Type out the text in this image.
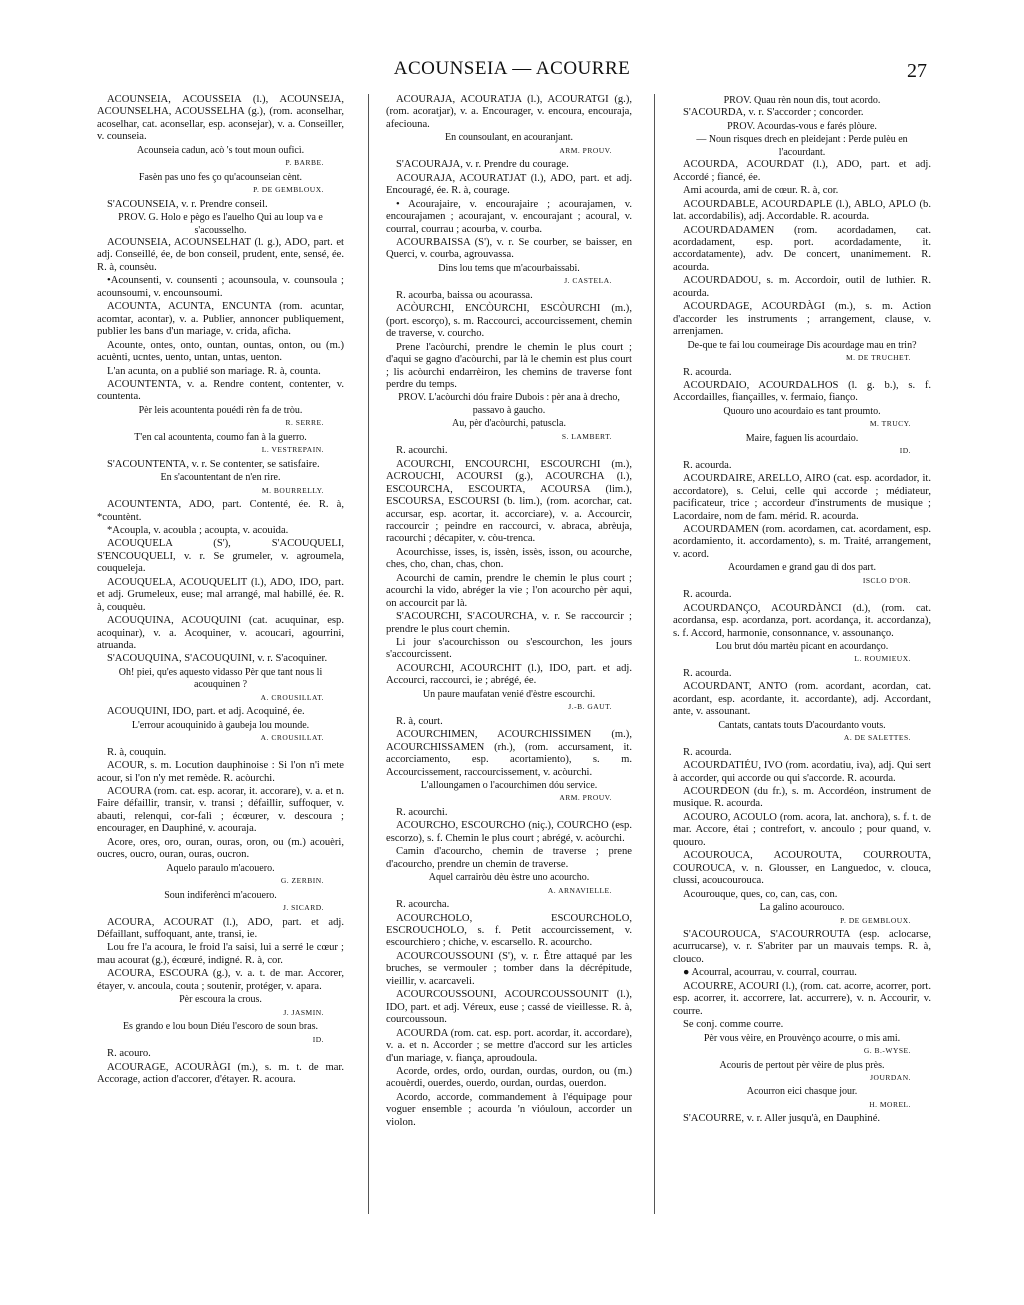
ACOUNSEIA — ACOURRE	27

ACOUNSEIA, ACOUSSEIA (l.), ACOUNSEJA, ACOUNSELHA, ACOUSSELHA (g.), (rom. aconselhar, acoselhar, cat. aconsellar, esp. aconsejar), v. a. Conseiller, v. counseia.

Acounseia cadun, acò 's tout moun ouficì.

P. BARBE.

Fasèn pas uno fes ço qu'acounseian cènt.

P. DE GEMBLOUX.

S'ACOUNSEIA, v. r. Prendre conseil.

PROV. G. Holo e pègo es l'auelho Qui au loup va e s'acousselho.

ACOUNSEIA, ACOUNSELHAT (l. g.), ADO, part. et adj. Conseillé, ée, de bon conseil, prudent, ente, sensé, ée. R. à, counsèu.

•Acounsenti, v. counsenti ; acounsoula, v. counsoula ; acounsoumi, v. encounsoumi.

ACOUNTA, ACUNTA, ENCUNTA (rom. acuntar, acomtar, acontar), v. a. Publier, annoncer publiquement, publier les bans d'un mariage, v. crida, aficha.

Acounte, ontes, onto, ountan, ountas, onton, ou (m.) acuènti, ucntes, uento, untan, untas, uenton.

L'an acunta, on a publié son mariage. R. à, counta.

ACOUNTENTA, v. a. Rendre content, contenter, v. countenta.

Pèr leis acountenta pouédi rèn fa de tròu.

R. SERRE.

T'en cal acountenta, coumo fan à la guerro.

L. VESTREPAIN.

S'ACOUNTENTA, v. r. Se contenter, se satisfaire.

En s'acountentant de n'en rire.

M. BOURRELLY.

ACOUNTENTA, ADO, part. Contenté, ée. R. à, *countènt.

*Acoupla, v. acoubla ; acoupta, v. acouida.

ACOUQUELA (S'), S'ACOUQUELI, S'ENCOUQUELI, v. r. Se grumeler, v. agroumela, couqueleja.

ACOUQUELA, ACOUQUELIT (l.), ADO, IDO, part. et adj. Grumeleux, euse; mal arrangé, mal habillé, ée. R. à, couquèu.

ACOUQUINA, ACOUQUINI (cat. acuquinar, esp. acoquinar), v. a. Acoquiner, v. acoucari, agourrini, atruanda.

S'ACOUQUINA, S'ACOUQUINI, v. r. S'acoquiner.

Oh! piei, qu'es aquesto vidasso Pèr que tant nous li acouquinen ?

A. CROUSILLAT.

ACOUQUINI, IDO, part. et adj. Acoquiné, ée.

L'errour acouquinido à gaubeja lou mounde.

A. CROUSILLAT.

R. à, couquin.

ACOUR, s. m. Locution dauphinoise : Si l'on n'i mete acour, si l'on n'y met remède. R. acòurchi.

ACOURA (rom. cat. esp. acorar, it. accorare), v. a. et n. Faire défaillir, transir, v. transi ; défaillir, suffoquer, v. abauti, relenqui, cor-falì ; écœurer, v. descoura ; encourager, en Dauphiné, v. acouraja.

Acore, ores, oro, ouran, ouras, oron, ou (m.) acouèri, oucres, oucro, ouran, ouras, oucron.

Aquelo paraulo m'acouero.

G. ZERBIN.

Soun indiferènci m'acouero.

J. SICARD.

ACOURA, ACOURAT (l.), ADO, part. et adj. Défaillant, suffoquant, ante, transi, ie.

Lou fre l'a acoura, le froid l'a saisi, lui a serré le cœur ; mau acourat (g.), écœuré, indigné. R. à, cor.

ACOURA, ESCOURA (g.), v. a. t. de mar. Accorer, étayer, v. ancoula, couta ; soutenir, protéger, v. apara.

Pèr escoura la crous.

J. JASMIN.

Es grando e lou boun Diéu l'escoro de soun bras.

ID.

R. acouro.

ACOURAGE, ACOURÀGI (m.), s. m. t. de mar. Accorage, action d'accorer, d'étayer. R. acoura.

ACOURAJA, ACOURATJA (l.), ACOURATGI (g.), (rom. acoratjar), v. a. Encourager, v. encoura, encouraja, afeciouna.

En counsoulant, en acouranjant.

ARM. PROUV.

S'ACOURAJA, v. r. Prendre du courage.

ACOURAJA, ACOURATJAT (l.), ADO, part. et adj. Encouragé, ée. R. à, courage.

• Acourajaire, v. encourajaire ; acourajamen, v. encourajamen ; acourajant, v. encourajant ; acoural, v. courral, courrau ; acourba, v. courba.

ACOURBAISSA (S'), v. r. Se courber, se baisser, en Querci, v. courba, agrouvassa.

Dins lou tems que m'acourbaissabi.

J. CASTELA.

R. acourba, baissa ou acourassa.

ACÒURCHI, ENCÒURCHI, ESCÒURCHI (m.), (port. escorço), s. m. Raccourci, accourcissement, chemin de traverse, v. courcho.

Prene l'acòurchi, prendre le chemin le plus court ; d'aqui se gagno d'acòurchi, par là le chemin est plus court ; lis acòurchi endarrèiron, les chemins de traverse font perdre du temps.

PROV. L'acòurchi dóu fraire Dubois : pèr ana à drecho, passavo à gaucho.

Au, pèr d'acòurchi, patuscla.

S. LAMBERT.

R. acourchi.

ACOURCHI, ENCOURCHI, ESCOURCHI (m.), ACROUCHI, ACOURSI (g.), ACOURCHA (l.), ESCOURCHA, ESCOURTA, ACOURSA (lim.), ESCOURSA, ESCOURSI (b. lim.), (rom. acorchar, cat. accursar, esp. acortar, it. accorciare), v. a. Accourcir, raccourcir ; peindre en raccourci, v. abraca, abrèuja, racourchi ; décapiter, v. còu-trenca.

Acourchisse, isses, is, issèn, issès, isson, ou acourche, ches, cho, chan, chas, chon.

Acourchi de camin, prendre le chemin le plus court ; acourchi la vido, abréger la vie ; l'on acourcho pèr aqui, on accourcit par là.

S'ACOURCHI, S'ACOURCHA, v. r. Se raccourcir ; prendre le plus court chemin.

Li jour s'acourchisson ou s'escourchon, les jours s'accourcissent.

ACOURCHI, ACOURCHIT (l.), IDO, part. et adj. Accourci, raccourci, ie ; abrégé, ée.

Un paure maufatan venié d'èstre escourchi.

J.-B. GAUT.

R. à, court.

ACOURCHIMEN, ACOURCHISSIMEN (m.), ACOURCHISSAMEN (rh.), (rom. accursament, it. accorciamento, esp. acortamiento), s. m. Accourcissement, raccourcissement, v. acòurchi.

L'alloungamen o l'acourchimen dóu service.

ARM. PROUV.

R. acourchi.

ACOURCHO, ESCOURCHO (niç.), COURCHO (esp. escorzo), s. f. Chemin le plus court ; abrégé, v. acòurchi.

Camin d'acourcho, chemin de traverse ; prene d'acourcho, prendre un chemin de traverse.

Aquel carrairòu dèu èstre uno acourcho.

A. ARNAVIELLE.

R. acourcha.

ACOURCHOLO, ESCOURCHOLO, ESCROUCHOLO, s. f. Petit accourcissement, v. escourchiero ; chiche, v. escarsello. R. acourcho.

ACOURCOUSSOUNI (S'), v. r. Être attaqué par les bruches, se vermouler ; tomber dans la décrépitude, vieillir, v. acarcaveli.

ACOURCOUSSOUNI, ACOURCOUSSOUNIT (l.), IDO, part. et adj. Véreux, euse ; cassé de vieillesse. R. à, courcoussoun.

ACOURDA (rom. cat. esp. port. acordar, it. accordare), v. a. et n. Accorder ; se mettre d'accord sur les articles d'un mariage, v. fiança, aproudoula.

Acorde, ordes, ordo, ourdan, ourdas, ourdon, ou (m.) acouèrdi, ouerdes, ouerdo, ourdan, ourdas, ouerdon.

Acordo, accorde, commandement à l'équipage pour voguer ensemble ; acourda 'n vióuloun, accorder un violon.

PROV. Quau rèn noun dis, tout acordo.

S'ACOURDA, v. r. S'accorder ; concorder.

PROV. Acourdas-vous e farés plòure.

— Noun risques drech en pleidejant : Perde pulèu en l'acourdant.

ACOURDA, ACOURDAT (l.), ADO, part. et adj. Accordé ; fiancé, ée.

Ami acourda, ami de cœur. R. à, cor.

ACOURDABLE, ACOURDAPLE (l.), ABLO, APLO (b. lat. accordabilis), adj. Accordable. R. acourda.

ACOURDADAMEN (rom. acordadamen, cat. acordadament, esp. port. acordadamente, it. accordatamente), adv. De concert, unanimement. R. acourda.

ACOURDADOU, s. m. Accordoir, outil de luthier. R. acourda.

ACOURDAGE, ACOURDÀGI (m.), s. m. Action d'accorder les instruments ; arrangement, clause, v. arrenjamen.

De-que te fai lou coumeirage Dis acourdage mau en trin?

M. DE TRUCHET.

R. acourda.

ACOURDAIO, ACOURDALHOS (l. g. b.), s. f. Accordailles, fiançailles, v. fermaio, fianço.

Quouro uno acourdaio es tant proumto.

M. TRUCY.

Maire, faguen lis acourdaio.

ID.

R. acourda.

ACOURDAIRE, ARELLO, AIRO (cat. esp. acordador, it. accordatore), s. Celui, celle qui accorde ; médiateur, pacificateur, trice ; accordeur d'instruments de musique ; Lacordaire, nom de fam. mérid. R. acourda.

ACOURDAMEN (rom. acordamen, cat. acordament, esp. acordamiento, it. accordamento), s. m. Traité, arrangement, v. acord.

Acourdamen e grand gau di dos part.

ISCLO D'OR.

R. acourda.

ACOURDANÇO, ACOURDÀNCI (d.), (rom. cat. acordansa, esp. acordanza, port. acordança, it. accordanza), s. f. Accord, harmonie, consonnance, v. assounanço.

Lou brut dóu martèu picant en acourdanço.

L. ROUMIEUX.

R. acourda.

ACOURDANT, ANTO (rom. acordant, acordan, cat. acordant, esp. acordante, it. accordante), adj. Accordant, ante, v. assounant.

Cantats, cantats touts D'acourdanto vouts.

A. DE SALETTES.

R. acourda.

ACOURDATIÉU, IVO (rom. acordatiu, iva), adj. Qui sert à accorder, qui accorde ou qui s'accorde. R. acourda.

ACOURDEON (du fr.), s. m. Accordéon, instrument de musique. R. acourda.

ACOURO, ACOULO (rom. acora, lat. anchora), s. f. t. de mar. Accore, étai ; contrefort, v. ancoulo ; pour quand, v. quouro.

ACOUROUCA, ACOUROUTA, COURROUTA, COUROUCA, v. n. Glousser, en Languedoc, v. clouca, clussi, acoucourouca.

Acourouque, ques, co, can, cas, con.

La galino acourouco.

P. DE GEMBLOUX.

S'ACOUROUCA, S'ACOURROUTA (esp. aclocarse, acurrucarse), v. r. S'abriter par un mauvais temps. R. à, clouco.

● Acourral, acourrau, v. courral, courrau.

ACOURRE, ACOURI (l.), (rom. cat. acorre, acorrer, port. esp. acorrer, it. accorrere, lat. accurrere), v. n. Accourir, v. courre.

Se conj. comme courre.

Pèr vous vèire, en Prouvènço acourre, o mis ami.

G. B.-WYSE.

Acouris de pertout pèr vèire de plus près.

JOURDAN.

Acourron eici chasque jour.

H. MOREL.

S'ACOURRE, v. r. Aller jusqu'à, en Dauphiné.
